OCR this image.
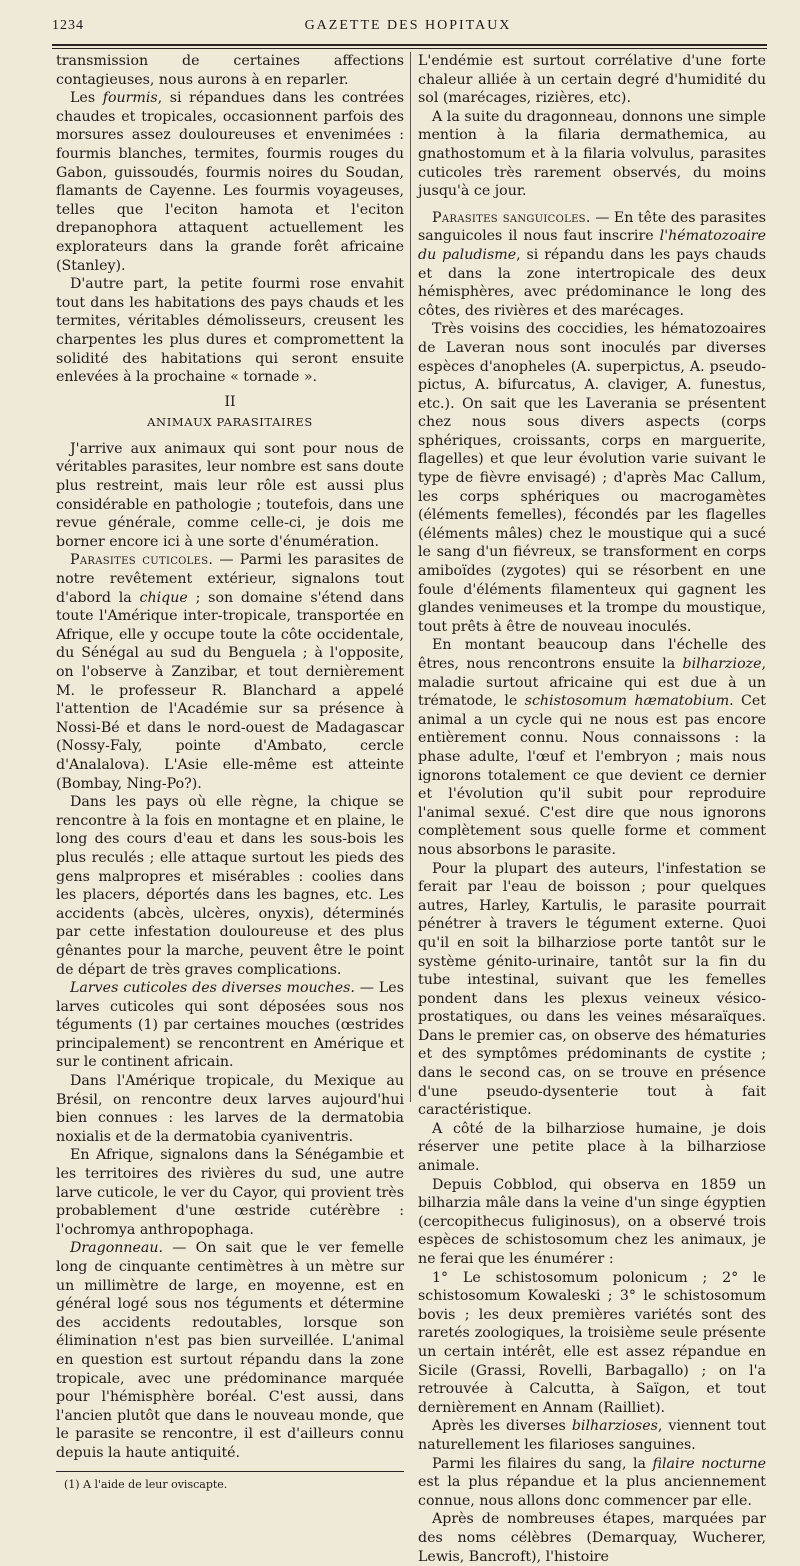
1234	GAZETTE DES HOPITAUX

transmission de certaines affections contagieuses, nous aurons à en reparler.

Les fourmis, si répandues dans les contrées chaudes et tropicales, occasionnent parfois des morsures assez douloureuses et envenimées : fourmis blanches, termites, fourmis rouges du Gabon, guissoudés, fourmis noires du Soudan, flamants de Cayenne. Les fourmis voyageuses, telles que l'eciton hamota et l'eciton drepanophora attaquent actuellement les explorateurs dans la grande forêt africaine (Stanley).

D'autre part, la petite fourmi rose envahit tout dans les habitations des pays chauds et les termites, véritables démolisseurs, creusent les charpentes les plus dures et compromettent la solidité des habitations qui seront ensuite enlevées à la prochaine « tornade ».

II
ANIMAUX PARASITAIRES

J'arrive aux animaux qui sont pour nous de véritables parasites, leur nombre est sans doute plus restreint, mais leur rôle est aussi plus considérable en pathologie ; toutefois, dans une revue générale, comme celle-ci, je dois me borner encore ici à une sorte d'énumération.

Parasites cuticoles. — Parmi les parasites de notre revêtement extérieur, signalons tout d'abord la chique ; son domaine s'étend dans toute l'Amérique inter-tropicale, transportée en Afrique, elle y occupe toute la côte occidentale, du Sénégal au sud du Benguela ; à l'opposite, on l'observe à Zanzibar, et tout dernièrement M. le professeur R. Blanchard a appelé l'attention de l'Académie sur sa présence à Nossi-Bé et dans le nord-ouest de Madagascar (Nossy-Faly, pointe d'Ambato, cercle d'Analalova). L'Asie elle-même est atteinte (Bombay, Ning-Po?).

Dans les pays où elle règne, la chique se rencontre à la fois en montagne et en plaine, le long des cours d'eau et dans les sous-bois les plus reculés ; elle attaque surtout les pieds des gens malpropres et misérables : coolies dans les placers, déportés dans les bagnes, etc. Les accidents (abcès, ulcères, onyxis), déterminés par cette infestation douloureuse et des plus gênantes pour la marche, peuvent être le point de départ de très graves complications.

Larves cuticoles des diverses mouches. — Les larves cuticoles qui sont déposées sous nos téguments (1) par certaines mouches (œstrides principalement) se rencontrent en Amérique et sur le continent africain.

Dans l'Amérique tropicale, du Mexique au Brésil, on rencontre deux larves aujourd'hui bien connues : les larves de la dermatobia noxialis et de la dermatobia cyaniventris.

En Afrique, signalons dans la Sénégambie et les territoires des rivières du sud, une autre larve cuticole, le ver du Cayor, qui provient très probablement d'une œstride cutérèbre : l'ochromya anthropophaga.

Dragonneau. — On sait que le ver femelle long de cinquante centimètres à un mètre sur un millimètre de large, en moyenne, est en général logé sous nos téguments et détermine des accidents redoutables, lorsque son élimination n'est pas bien surveillée. L'animal en question est surtout répandu dans la zone tropicale, avec une prédominance marquée pour l'hémisphère boréal. C'est aussi, dans l'ancien plutôt que dans le nouveau monde, que le parasite se rencontre, il est d'ailleurs connu depuis la haute antiquité.

(1) A l'aide de leur oviscapte.

L'endémie est surtout corrélative d'une forte chaleur alliée à un certain degré d'humidité du sol (marécages, rizières, etc).

A la suite du dragonneau, donnons une simple mention à la filaria dermathemica, au gnathostomum et à la filaria volvulus, parasites cuticoles très rarement observés, du moins jusqu'à ce jour.

Parasites sanguicoles. — En tête des parasites sanguicoles il nous faut inscrire l'hématozoaire du paludisme, si répandu dans les pays chauds et dans la zone intertropicale des deux hémisphères, avec prédominance le long des côtes, des rivières et des marécages.

Très voisins des coccidies, les hématozoaires de Laveran nous sont inoculés par diverses espèces d'anopheles (A. superpictus, A. pseudo-pictus, A. bifurcatus, A. claviger, A. funestus, etc.). On sait que les Laverania se présentent chez nous sous divers aspects (corps sphériques, croissants, corps en marguerite, flagelles) et que leur évolution varie suivant le type de fièvre envisagé) ; d'après Mac Callum, les corps sphériques ou macrogamètes (éléments femelles), fécondés par les flagelles (éléments mâles) chez le moustique qui a sucé le sang d'un fiévreux, se transforment en corps amiboïdes (zygotes) qui se résorbent en une foule d'éléments filamenteux qui gagnent les glandes venimeuses et la trompe du moustique, tout prêts à être de nouveau inoculés.

En montant beaucoup dans l'échelle des êtres, nous rencontrons ensuite la bilharzioze, maladie surtout africaine qui est due à un trématode, le schistosomum hæmatobium. Cet animal a un cycle qui ne nous est pas encore entièrement connu. Nous connaissons : la phase adulte, l'œuf et l'embryon ; mais nous ignorons totalement ce que devient ce dernier et l'évolution qu'il subit pour reproduire l'animal sexué. C'est dire que nous ignorons complètement sous quelle forme et comment nous absorbons le parasite.

Pour la plupart des auteurs, l'infestation se ferait par l'eau de boisson ; pour quelques autres, Harley, Kartulis, le parasite pourrait pénétrer à travers le tégument externe. Quoi qu'il en soit la bilharziose porte tantôt sur le système génito-urinaire, tantôt sur la fin du tube intestinal, suivant que les femelles pondent dans les plexus veineux vésico-prostatiques, ou dans les veines mésaraïques. Dans le premier cas, on observe des hématuries et des symptômes prédominants de cystite ; dans le second cas, on se trouve en présence d'une pseudo-dysenterie tout à fait caractéristique.

A côté de la bilharziose humaine, je dois réserver une petite place à la bilharziose animale.

Depuis Cobblod, qui observa en 1859 un bilharzia mâle dans la veine d'un singe égyptien (cercopithecus fuliginosus), on a observé trois espèces de schistosomum chez les animaux, je ne ferai que les énumérer :

1° Le schistosomum polonicum ; 2° le schistosomum Kowaleski ; 3° le schistosomum bovis ; les deux premières variétés sont des raretés zoologiques, la troisième seule présente un certain intérêt, elle est assez répandue en Sicile (Grassi, Rovelli, Barbagallo) ; on l'a retrouvée à Calcutta, à Saïgon, et tout dernièrement en Annam (Railliet).

Après les diverses bilharzioses, viennent tout naturellement les filarioses sanguines.

Parmi les filaires du sang, la filaire nocturne est la plus répandue et la plus anciennement connue, nous allons donc commencer par elle.

Après de nombreuses étapes, marquées par des noms célèbres (Demarquay, Wucherer, Lewis, Bancroft), l'histoire
